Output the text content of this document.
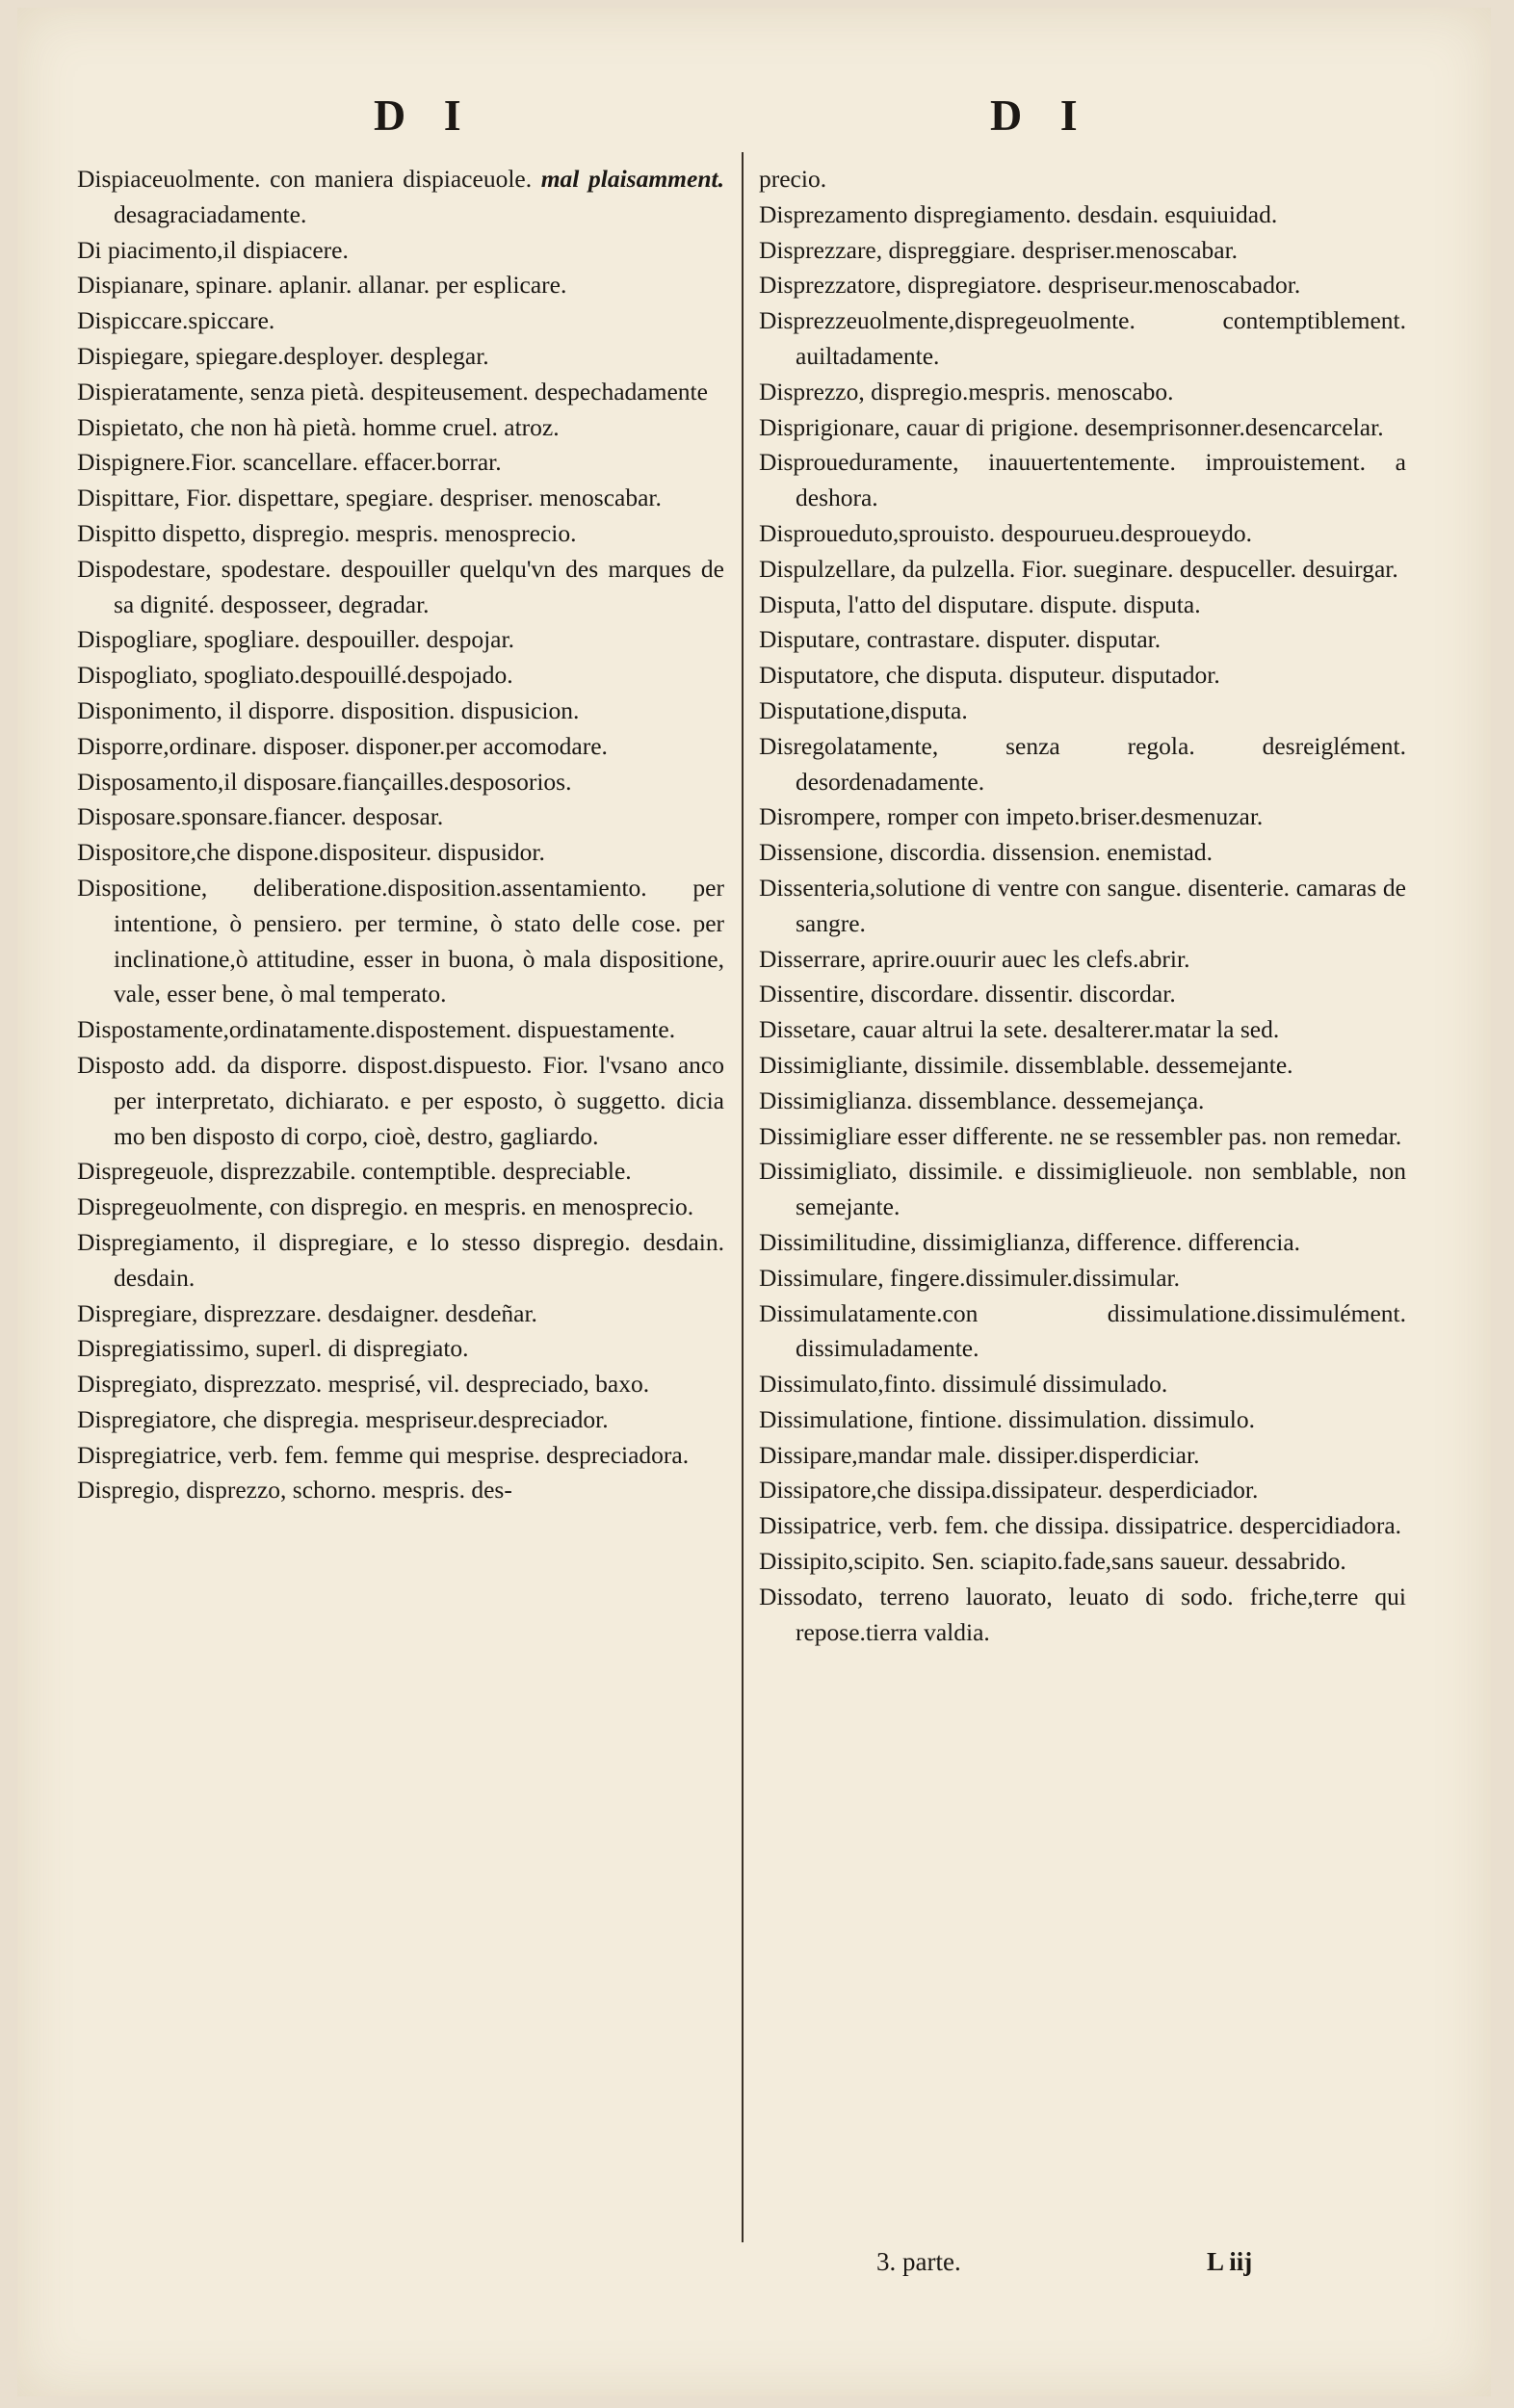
D I	D I

Dispiaceuolmente. con maniera dispiaceuole. mal plaisamment. desagraciadamente.

Di piacimento,il dispiacere.

Dispianare, spinare. aplanir. allanar. per esplicare.

Dispiccare.spiccare.

Dispiegare, spiegare.desployer. desplegar.

Dispieratamente, senza pietà. despiteusement. despechadamente

Dispietato, che non hà pietà. homme cruel. atroz.

Dispignere.Fior. scancellare. effacer.borrar.

Dispittare, Fior. dispettare, spegiare. despriser. menoscabar.

Dispitto dispetto, dispregio. mespris. menosprecio.

Dispodestare, spodestare. despouiller quelqu'vn des marques de sa dignité. desposseer, degradar.

Dispogliare, spogliare. despouiller. despojar.

Dispogliato, spogliato.despouillé.despojado.

Disponimento, il disporre. disposition. dispusicion.

Disporre,ordinare. disposer. disponer.per accomodare.

Disposamento,il disposare.fiançailles.desposorios.

Disposare.sponsare.fiancer. desposar.

Dispositore,che dispone.dispositeur. dispusidor.

Dispositione, deliberatione.disposition.assentamiento. per intentione, ò pensiero. per termine, ò stato delle cose. per inclinatione,ò attitudine, esser in buona, ò mala dispositione, vale, esser bene, ò mal temperato.

Dispostamente,ordinatamente.dispostement. dispuestamente.

Disposto add. da disporre. dispost.dispuesto. Fior. l'vsano anco per interpretato, dichiarato. e per esposto, ò suggetto. dicia mo ben disposto di corpo, cioè, destro, gagliardo.

Dispregeuole, disprezzabile. contemptible. despreciable.

Dispregeuolmente, con dispregio. en mespris. en menosprecio.

Dispregiamento, il dispregiare, e lo stesso dispregio. desdain. desdain.

Dispregiare, disprezzare. desdaigner. desdeñar.

Dispregiatissimo, superl. di dispregiato.

Dispregiato, disprezzato. mesprisé, vil. despreciado, baxo.

Dispregiatore, che dispregia. mespriseur.despreciador.

Dispregiatrice, verb. fem. femme qui mesprise. despreciadora.

Dispregio, disprezzo, schorno. mespris. des-

precio.

Disprezamento dispregiamento. desdain. esquiuidad.

Disprezzare, dispreggiare. despriser.menoscabar.

Disprezzatore, dispregiatore. despriseur.menoscabador.

Disprezzeuolmente,dispregeuolmente. contemptiblement. auiltadamente.

Disprezzo, dispregio.mespris. menoscabo.

Disprigionare, cauar di prigione. desemprisonner.desencarcelar.

Disproueduramente, inauuertentemente. improuistement. a deshora.

Disproueduto,sprouisto. despourueu.desproueydo.

Dispulzellare, da pulzella. Fior. sueginare. despuceller. desuirgar.

Disputa, l'atto del disputare. dispute. disputa.

Disputare, contrastare. disputer. disputar.

Disputatore, che disputa. disputeur. disputador.

Disputatione,disputa.

Disregolatamente, senza regola. desreiglément. desordenadamente.

Disrompere, romper con impeto.briser.desmenuzar.

Dissensione, discordia. dissension. enemistad.

Dissenteria,solutione di ventre con sangue. disenterie. camaras de sangre.

Disserrare, aprire.ouurir auec les clefs.abrir.

Dissentire, discordare. dissentir. discordar.

Dissetare, cauar altrui la sete. desalterer.matar la sed.

Dissimigliante, dissimile. dissemblable. dessemejante.

Dissimiglianza. dissemblance. dessemejança.

Dissimigliare esser differente. ne se ressembler pas. non remedar.

Dissimigliato, dissimile. e dissimiglieuole. non semblable, non semejante.

Dissimilitudine, dissimiglianza, difference. differencia.

Dissimulare, fingere.dissimuler.dissimular.

Dissimulatamente.con dissimulatione.dissimulément. dissimuladamente.

Dissimulato,finto. dissimulé dissimulado.

Dissimulatione, fintione. dissimulation. dissimulo.

Dissipare,mandar male. dissiper.disperdiciar.

Dissipatore,che dissipa.dissipateur. desperdiciador.

Dissipatrice, verb. fem. che dissipa. dissipatrice. despercidiadora.

Dissipito,scipito. Sen. sciapito.fade,sans saueur. dessabrido.

Dissodato, terreno lauorato, leuato di sodo. friche,terre qui repose.tierra valdia.

3. parte.	L iij
